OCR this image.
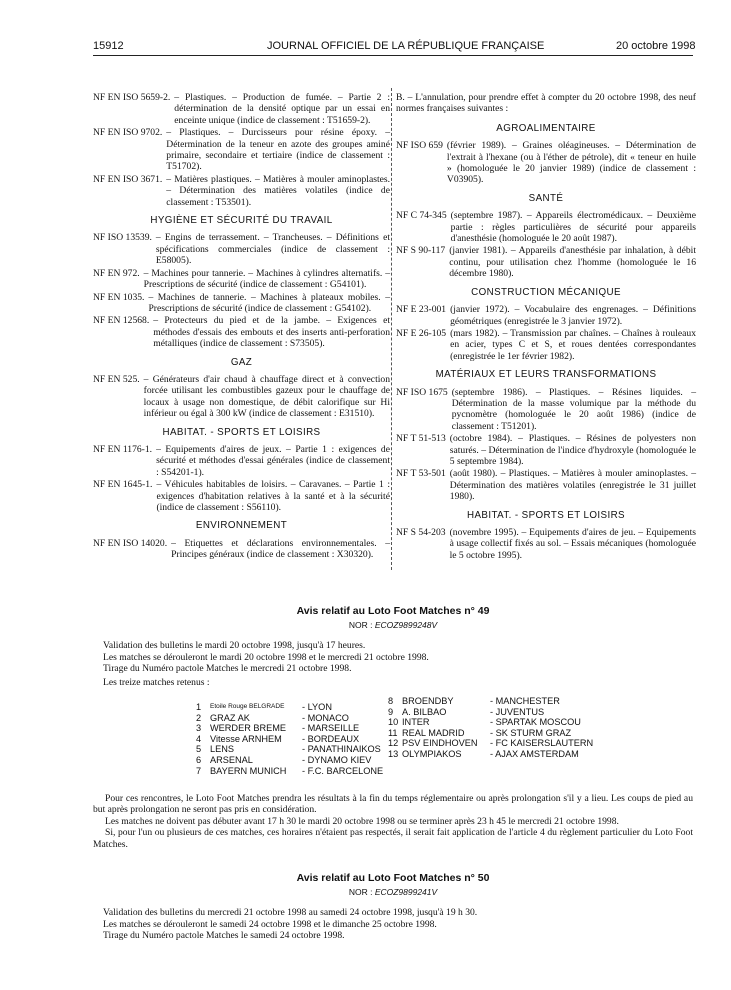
15912	JOURNAL OFFICIEL DE LA RÉPUBLIQUE FRANÇAISE	20 octobre 1998
NF EN ISO 5659-2. – Plastiques. – Production de fumée. – Partie 2 : détermination de la densité optique par un essai en enceinte unique (indice de classement : T51659-2).
NF EN ISO 9702. – Plastiques. – Durcisseurs pour résine époxy. – Détermination de la teneur en azote des groupes aminé primaire, secondaire et tertiaire (indice de classement : T51702).
NF EN ISO 3671. – Matières plastiques. – Matières à mouler aminoplastes. – Détermination des matières volatiles (indice de classement : T53501).
HYGIÈNE ET SÉCURITÉ DU TRAVAIL
NF ISO 13539. – Engins de terrassement. – Trancheuses. – Définitions et spécifications commerciales (indice de classement : E58005).
NF EN 972. – Machines pour tannerie. – Machines à cylindres alternatifs. – Prescriptions de sécurité (indice de classement : G54101).
NF EN 1035. – Machines de tannerie. – Machines à plateaux mobiles. – Prescriptions de sécurité (indice de classement : G54102).
NF EN 12568. – Protecteurs du pied et de la jambe. – Exigences et méthodes d'essais des embouts et des inserts anti-perforation métalliques (indice de classement : S73505).
GAZ
NF EN 525. – Générateurs d'air chaud à chauffage direct et à convection forcée utilisant les combustibles gazeux pour le chauffage de locaux à usage non domestique, de débit calorifique sur Hi inférieur ou égal à 300 kW (indice de classement : E31510).
HABITAT. - SPORTS ET LOISIRS
NF EN 1176-1. – Equipements d'aires de jeux. – Partie 1 : exigences de sécurité et méthodes d'essai générales (indice de classement : S54201-1).
NF EN 1645-1. – Véhicules habitables de loisirs. – Caravanes. – Partie 1 : exigences d'habitation relatives à la santé et à la sécurité (indice de classement : S56110).
ENVIRONNEMENT
NF EN ISO 14020. – Etiquettes et déclarations environnementales. – Principes généraux (indice de classement : X30320).
B. – L'annulation, pour prendre effet à compter du 20 octobre 1998, des neuf normes françaises suivantes :
AGROALIMENTAIRE
NF ISO 659 (février 1989). – Graines oléagineuses. – Détermination de l'extrait à l'hexane (ou à l'éther de pétrole), dit « teneur en huile » (homologuée le 20 janvier 1989) (indice de classement : V03905).
SANTÉ
NF C 74-345 (septembre 1987). – Appareils électromédicaux. – Deuxième partie : règles particulières de sécurité pour appareils d'anesthésie (homologuée le 20 août 1987).
NF S 90-117 (janvier 1981). – Appareils d'anesthésie par inhalation, à débit continu, pour utilisation chez l'homme (homologuée le 16 décembre 1980).
CONSTRUCTION MÉCANIQUE
NF E 23-001 (janvier 1972). – Vocabulaire des engrenages. – Définitions géométriques (enregistrée le 3 janvier 1972).
NF E 26-105 (mars 1982). – Transmission par chaînes. – Chaînes à rouleaux en acier, types C et S, et roues dentées correspondantes (enregistrée le 1er février 1982).
MATÉRIAUX ET LEURS TRANSFORMATIONS
NF ISO 1675 (septembre 1986). – Plastiques. – Résines liquides. – Détermination de la masse volumique par la méthode du pycnomètre (homologuée le 20 août 1986) (indice de classement : T51201).
NF T 51-513 (octobre 1984). – Plastiques. – Résines de polyesters non saturés. – Détermination de l'indice d'hydroxyle (homologuée le 5 septembre 1984).
NF T 53-501 (août 1980). – Plastiques. – Matières à mouler aminoplastes. – Détermination des matières volatiles (enregistrée le 31 juillet 1980).
HABITAT. - SPORTS ET LOISIRS
NF S 54-203 (novembre 1995). – Equipements d'aires de jeu. – Equipements à usage collectif fixés au sol. – Essais mécaniques (homologuée le 5 octobre 1995).
Avis relatif au Loto Foot Matches n° 49
NOR : ECOZ9899248V
Validation des bulletins le mardi 20 octobre 1998, jusqu'à 17 heures.
Les matches se dérouleront le mardi 20 octobre 1998 et le mercredi 21 octobre 1998.
Tirage du Numéro pactole Matches le mercredi 21 octobre 1998.
Les treize matches retenus :
1	Etoile Rouge BELGRADE	- LYON
2 GRAZ AK	- MONACO
3 WERDER BREME	- MARSEILLE
4 Vitesse ARNHEM	- BORDEAUX
5 LENS	- PANATHINAIKOS
6 ARSENAL	- DYNAMO KIEV
7 BAYERN MUNICH	- F.C. BARCELONE
8 BROENDBY	- MANCHESTER
9 A. BILBAO	- JUVENTUS
10 INTER	- SPARTAK MOSCOU
11 REAL MADRID	- SK STURM GRAZ
12 PSV EINDHOVEN	- FC KAISERSLAUTERN
13 OLYMPIAKOS	- AJAX AMSTERDAM
Pour ces rencontres, le Loto Foot Matches prendra les résultats à la fin du temps réglementaire ou après prolongation s'il y a lieu. Les coups de pied au but après prolongation ne seront pas pris en considération.
Les matches ne doivent pas débuter avant 17 h 30 le mardi 20 octobre 1998 ou se terminer après 23 h 45 le mercredi 21 octobre 1998.
Si, pour l'un ou plusieurs de ces matches, ces horaires n'étaient pas respectés, il serait fait application de l'article 4 du règlement particulier du Loto Foot Matches.
Avis relatif au Loto Foot Matches n° 50
NOR : ECOZ9899241V
Validation des bulletins du mercredi 21 octobre 1998 au samedi 24 octobre 1998, jusqu'à 19 h 30.
Les matches se dérouleront le samedi 24 octobre 1998 et le dimanche 25 octobre 1998.
Tirage du Numéro pactole Matches le samedi 24 octobre 1998.
